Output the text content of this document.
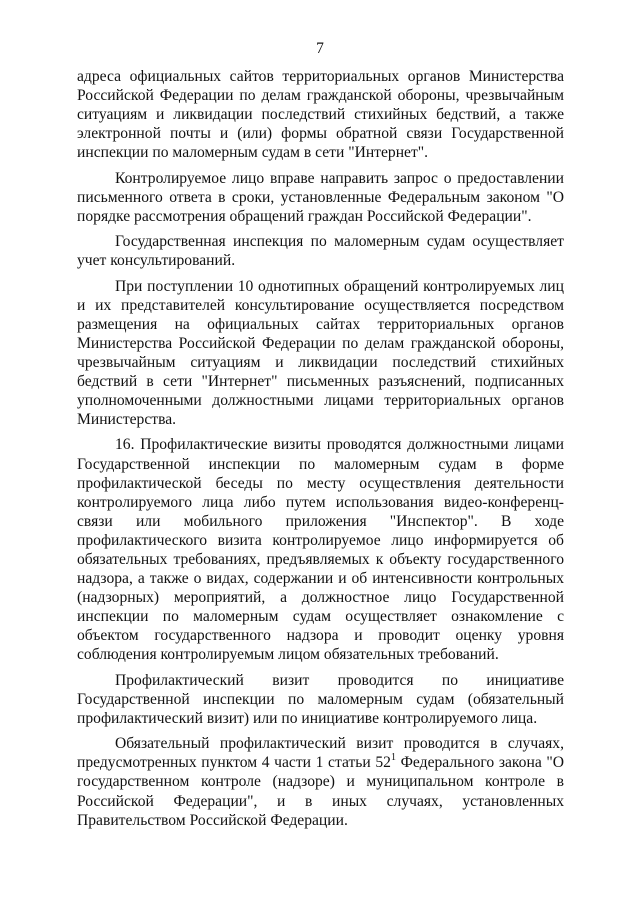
7

адреса официальных сайтов территориальных органов Министерства Российской Федерации по делам гражданской обороны, чрезвычайным ситуациям и ликвидации последствий стихийных бедствий, а также электронной почты и (или) формы обратной связи Государственной инспекции по маломерным судам в сети "Интернет".

Контролируемое лицо вправе направить запрос о предоставлении письменного ответа в сроки, установленные Федеральным законом "О порядке рассмотрения обращений граждан Российской Федерации".

Государственная инспекция по маломерным судам осуществляет учет консультирований.

При поступлении 10 однотипных обращений контролируемых лиц и их представителей консультирование осуществляется посредством размещения на официальных сайтах территориальных органов Министерства Российской Федерации по делам гражданской обороны, чрезвычайным ситуациям и ликвидации последствий стихийных бедствий в сети "Интернет" письменных разъяснений, подписанных уполномоченными должностными лицами территориальных органов Министерства.

16. Профилактические визиты проводятся должностными лицами Государственной инспекции по маломерным судам в форме профилактической беседы по месту осуществления деятельности контролируемого лица либо путем использования видео-конференц-связи или мобильного приложения "Инспектор". В ходе профилактического визита контролируемое лицо информируется об обязательных требованиях, предъявляемых к объекту государственного надзора, а также о видах, содержании и об интенсивности контрольных (надзорных) мероприятий, а должностное лицо Государственной инспекции по маломерным судам осуществляет ознакомление с объектом государственного надзора и проводит оценку уровня соблюдения контролируемым лицом обязательных требований.

Профилактический визит проводится по инициативе Государственной инспекции по маломерным судам (обязательный профилактический визит) или по инициативе контролируемого лица.

Обязательный профилактический визит проводится в случаях, предусмотренных пунктом 4 части 1 статьи $52^1$ Федерального закона "О государственном контроле (надзоре) и муниципальном контроле в Российской Федерации", и в иных случаях, установленных Правительством Российской Федерации.
